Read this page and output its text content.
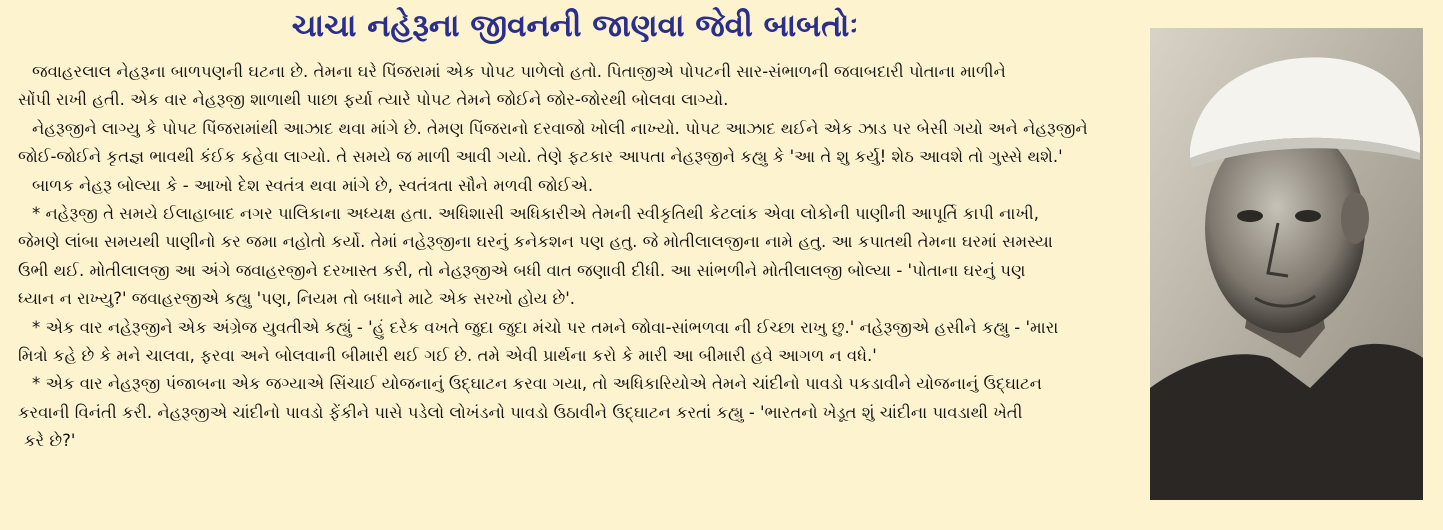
ચાચા નહેરૂના જીવનની જાણવા જેવી બાબતોઃ
જવાહરલાલ નેહરૂના બાળપણની ઘટના છે. તેમના ઘરે પિંજરામાં એક પોપટ પાળેલો હતો. પિતાજીએ પોપટની સાર-સંભાળની જવાબદારી પોતાના માળીને
સોંપી રાખી હતી. એક વાર નેહરૂજી શાળાથી પાછા ફર્યા ત્યારે પોપટ તેમને જોઈને જોર-જોરથી બોલવા લાગ્યો.
નેહરૂજીને લાગ્યુ કે પોપટ પિંજરામાંથી આઝાદ થવા માંગે છે. તેમણ પિંજરાનો દરવાજો ખોલી નાખ્યો. પોપટ આઝાદ થઈને એક ઝાડ પર બેસી ગયો અને નેહરૂજીને
જોઈ-જોઈને કૃતજ્ઞ ભાવથી કંઈક કહેવા લાગ્યો. તે સમયે જ માળી આવી ગયો. તેણે ફટકાર આપતા નેહરૂજીને કહ્યુ કે 'આ તે શુ કર્યુ! શેઠ આવશે તો ગુસ્સે થશે.'
બાળક નેહરૂ બોલ્યા કે - આખો દેશ સ્વતંત્ર થવા માંગે છે, સ્વતંત્રતા સૌને મળવી જોઈએ.
* નહેરૂજી તે સમયે ઈલાહાબાદ નગર પાલિકાના અધ્યક્ષ હતા. અધિશાસી અધિકારીએ તેમની સ્વીકૃતિથી કેટલાંક એવા લોકોની પાણીની આપૂર્તિ કાપી નાખી,
જેમણે લાંબા સમયથી પાણીનો કર જમા નહોતો કર્યો. તેમાં નહેરૂજીના ઘરનું કનેકશન પણ હતુ. જે મોતીલાલજીના નામે હતુ. આ કપાતથી તેમના ઘરમાં સમસ્યા
ઉભી થઈ. મોતીલાલજી આ અંગે જવાહરજીને દરખાસ્ત કરી, તો નેહરૂજીએ બધી વાત જણાવી દીધી. આ સાંભળીને મોતીલાલજી બોલ્યા - 'પોતાના ઘરનું પણ
ધ્યાન ન રાખ્યુ?' જવાહરજીએ કહ્યુ 'પણ, નિયમ તો બધાને માટે એક સરખો હોય છે'.
* એક વાર નહેરૂજીને એક અંગ્રેજ યુવતીએ કહ્યું - 'હું દરેક વખતે જુદા જુદા મંચો પર તમને જોવા-સાંભળવા ની ઈચ્છા રાખુ છુ.' નહેરૂજીએ હસીને કહ્યુ - 'મારા
મિત્રો કહે છે કે મને ચાલવા, ફરવા અને બોલવાની બીમારી થઈ ગઈ છે. તમે એવી પ્રાર્થના કરો કે મારી આ બીમારી હવે આગળ ન વધે.'
* એક વાર નેહરૂજી પંજાબના એક જગ્યાએ સિંચાઈ યોજનાનું ઉદ્ઘાટન કરવા ગયા, તો અધિકારિયોએ તેમને ચાંદીનો પાવડો પકડાવીને યોજનાનું ઉદ્ઘાટન
કરવાની વિનંતી કરી. નેહરૂજીએ ચાંદીનો પાવડો ફેંકીને પાસે પડેલો લોખંડનો પાવડો ઉઠાવીને ઉદ્ઘાટન કરતાં કહ્યુ - 'ભારતનો ખેડૂત શું ચાંદીના પાવડાથી ખેતી
કરે છે?'
